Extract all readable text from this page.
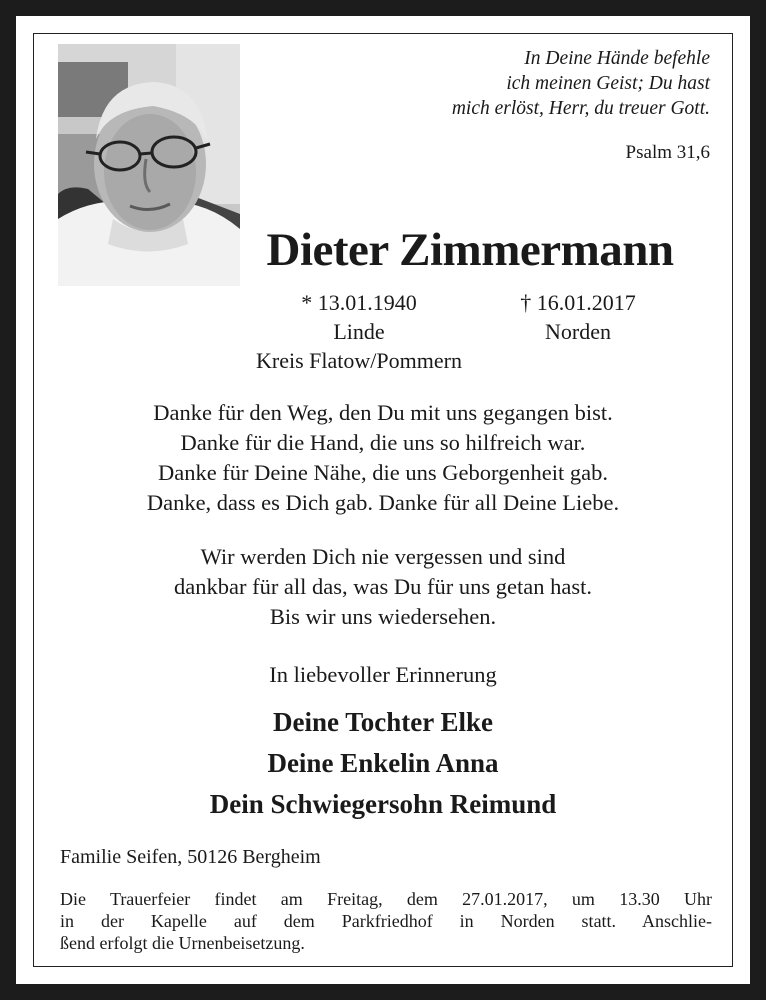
In Deine Hände befehle
ich meinen Geist; Du hast
mich erlöst, Herr, du treuer Gott.
Psalm 31,6
Dieter Zimmermann
* 13.01.1940
Linde
Kreis Flatow/Pommern
† 16.01.2017
Norden
Danke für den Weg, den Du mit uns gegangen bist.
Danke für die Hand, die uns so hilfreich war.
Danke für Deine Nähe, die uns Geborgenheit gab.
Danke, dass es Dich gab. Danke für all Deine Liebe.
Wir werden Dich nie vergessen und sind
dankbar für all das, was Du für uns getan hast.
Bis wir uns wiedersehen.
In liebevoller Erinnerung
Deine Tochter Elke
Deine Enkelin Anna
Dein Schwiegersohn Reimund
Familie Seifen, 50126 Bergheim
Die Trauerfeier findet am Freitag, dem 27.01.2017, um 13.30 Uhr
in der Kapelle auf dem Parkfriedhof in Norden statt. Anschlie-
ßend erfolgt die Urnenbeisetzung.
